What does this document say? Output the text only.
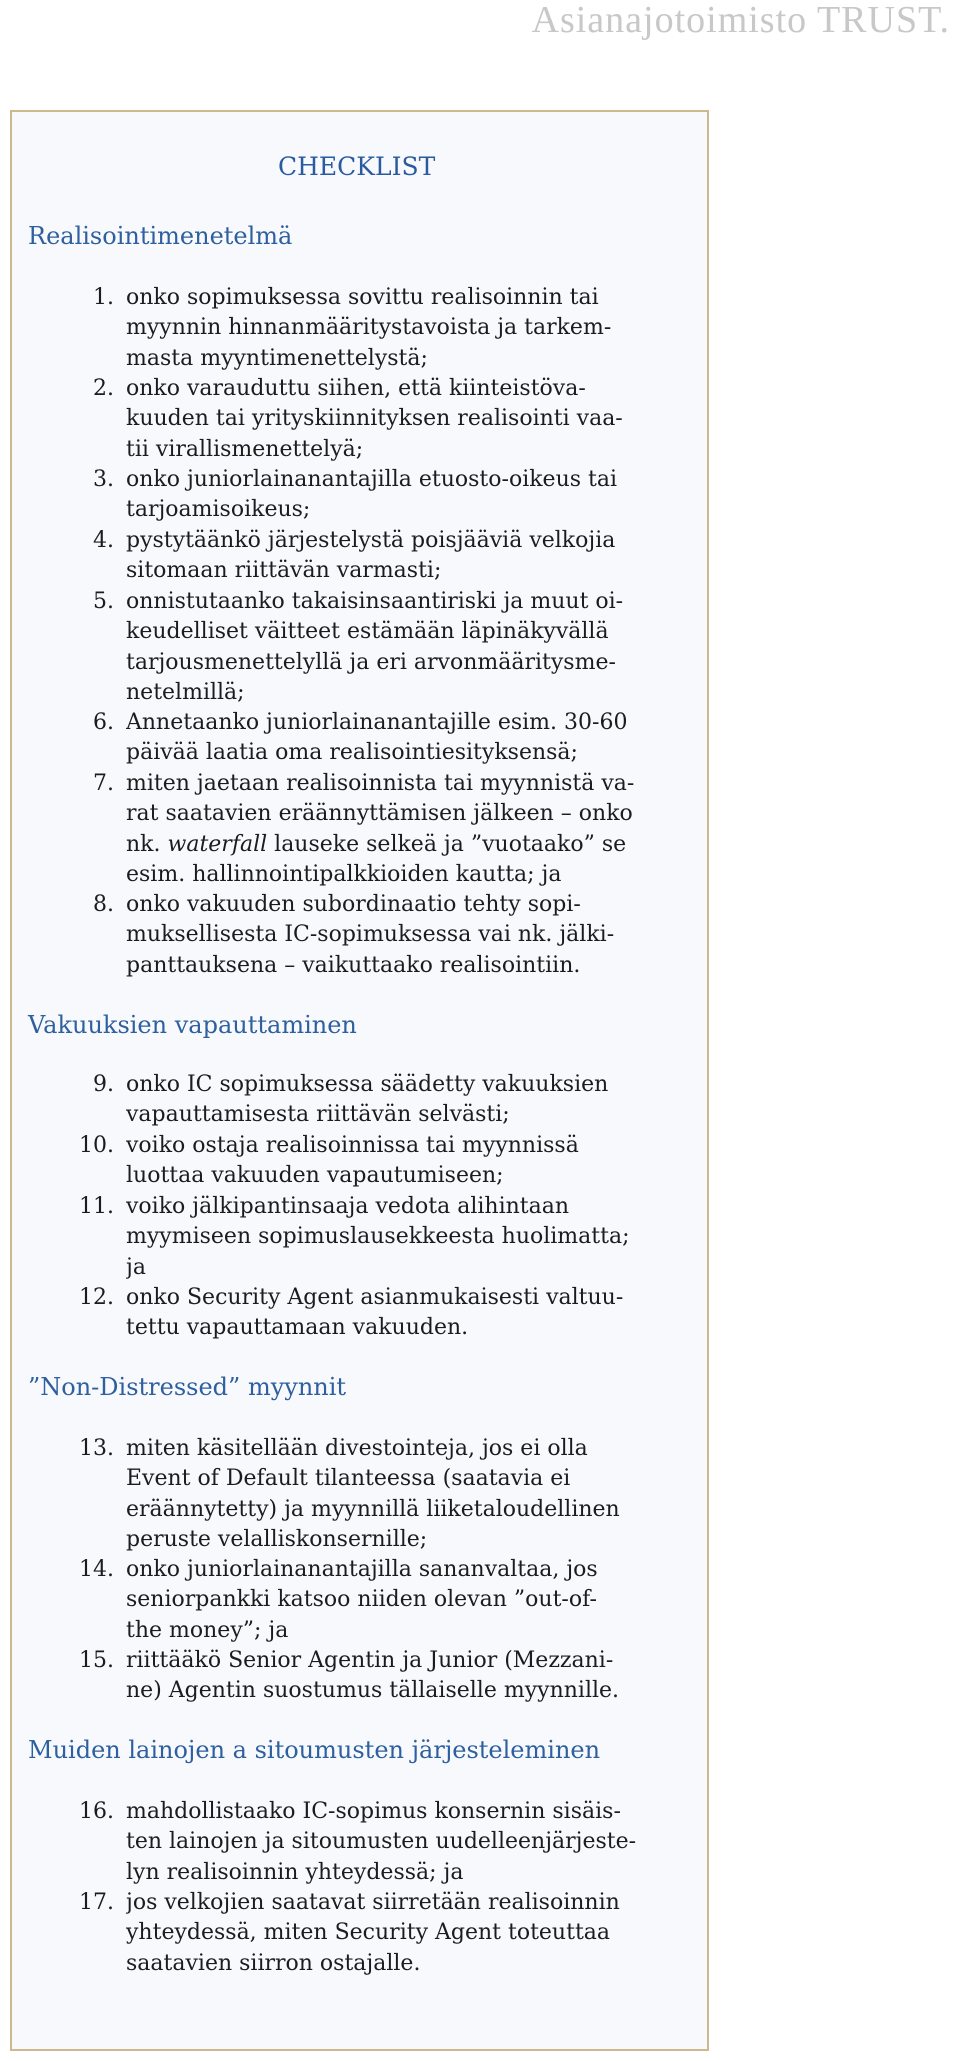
Asianajotoimisto TRUST.
CHECKLIST
Realisointimenetelmä
1. onko sopimuksessa sovittu realisoinnin tai
myynnin hinnanmääritystavoista ja tarkem-
masta myyntimenettelystä;
2. onko varauduttu siihen, että kiinteistöva-
kuuden tai yrityskiinnityksen realisointi vaa-
tii virallismenettelyä;
3. onko juniorlainanantajilla etuosto-oikeus tai
tarjoamisoikeus;
4. pystytäänkö järjestelystä poisjääviä velkojia
sitomaan riittävän varmasti;
5. onnistutaanko takaisinsaantiriski ja muut oi-
keudelliset väitteet estämään läpinäkyvällä
tarjousmenettelyllä ja eri arvonmääritysme-
netelmillä;
6. Annetaanko juniorlainanantajille esim. 30-60
päivää laatia oma realisointiesityksensä;
7. miten jaetaan realisoinnista tai myynnistä va-
rat saatavien eräännyttämisen jälkeen – onko
nk. waterfall lauseke selkeä ja ”vuotaako” se
esim. hallinnointipalkkioiden kautta; ja
8. onko vakuuden subordinaatio tehty sopi-
muksellisesta IC-sopimuksessa vai nk. jälki-
panttauksena – vaikuttaako realisointiin.
Vakuuksien vapauttaminen
9. onko IC sopimuksessa säädetty vakuuksien
vapauttamisesta riittävän selvästi;
10. voiko ostaja realisoinnissa tai myynnissä
luottaa vakuuden vapautumiseen;
11. voiko jälkipantinsaaja vedota alihintaan
myymiseen sopimuslausekkeesta huolimatta;
ja
12. onko Security Agent asianmukaisesti valtuu-
tettu vapauttamaan vakuuden.
”Non-Distressed” myynnit
13. miten käsitellään divestointeja, jos ei olla
Event of Default tilanteessa (saatavia ei
eräännytetty) ja myynnillä liiketaloudellinen
peruste velalliskonsernille;
14. onko juniorlainanantajilla sananvaltaa, jos
seniorpankki katsoo niiden olevan ”out-of-
the money”; ja
15. riittääkö Senior Agentin ja Junior (Mezzani-
ne) Agentin suostumus tällaiselle myynnille.
Muiden lainojen a sitoumusten järjesteleminen
16. mahdollistaako IC-sopimus konsernin sisäis-
ten lainojen ja sitoumusten uudelleenjärjeste-
lyn realisoinnin yhteydessä; ja
17. jos velkojien saatavat siirretään realisoinnin
yhteydessä, miten Security Agent toteuttaa
saatavien siirron ostajalle.
